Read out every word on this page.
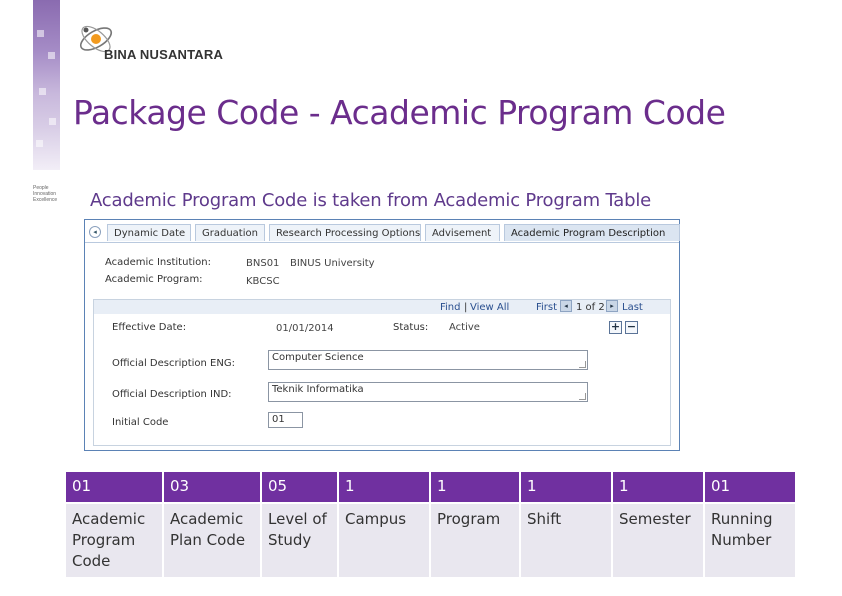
People Innovation Excellence
BINA NUSANTARA
Package Code - Academic Program Code

Academic Program Code is taken from Academic Program Table

◂	Dynamic Date	Graduation	Research Processing Options	Advisement	Academic Program Description
Academic Institution:	BNS01 BINUS University
Academic Program:	KBCSC
Find | View All	First	◂ 1 of 2 ▸ Last
Effective Date:	01/01/2014	Status: Active	+ −
Official Description ENG:
Computer Science
Official Description IND:	Teknik Informatika
Initial Code	01
01	03	05	1	1	1	1	01
Academic Program Code	Academic Plan Code	Level of Study	Campus	Program	Shift	Semester	Running Number
